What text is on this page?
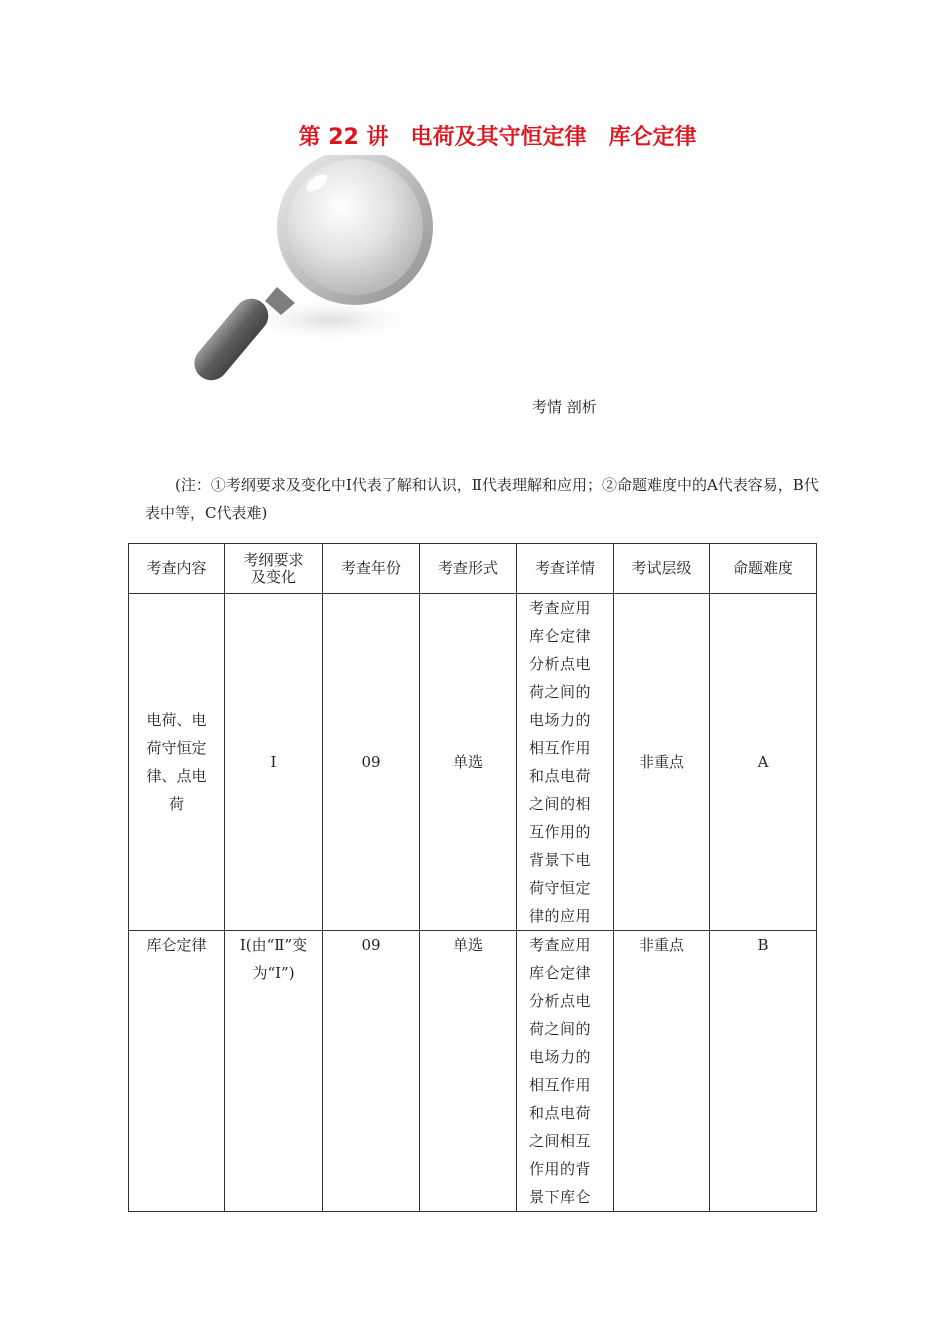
第 22 讲　电荷及其守恒定律　库仑定律
考情 剖析
(注：①考纲要求及变化中Ⅰ代表了解和认识，Ⅱ代表理解和应用；②命题难度中的A代表容易，B代表中等，C代表难)
考查内容	考纲要求及变化	考查年份	考查形式	考查详情	考试层级	命题难度

电荷、电荷守恒定律、点电荷	Ⅰ	09	单选	考查应用库仑定律分析点电荷之间的电场力的相互作用和点电荷之间的相互作用的背景下电荷守恒定律的应用	非重点	A
库仑定律	Ⅰ(由“Ⅱ”变为“Ⅰ”)	09	单选	考查应用库仑定律分析点电荷之间的电场力的相互作用和点电荷之间相互作用的背景下库仑	非重点	B
